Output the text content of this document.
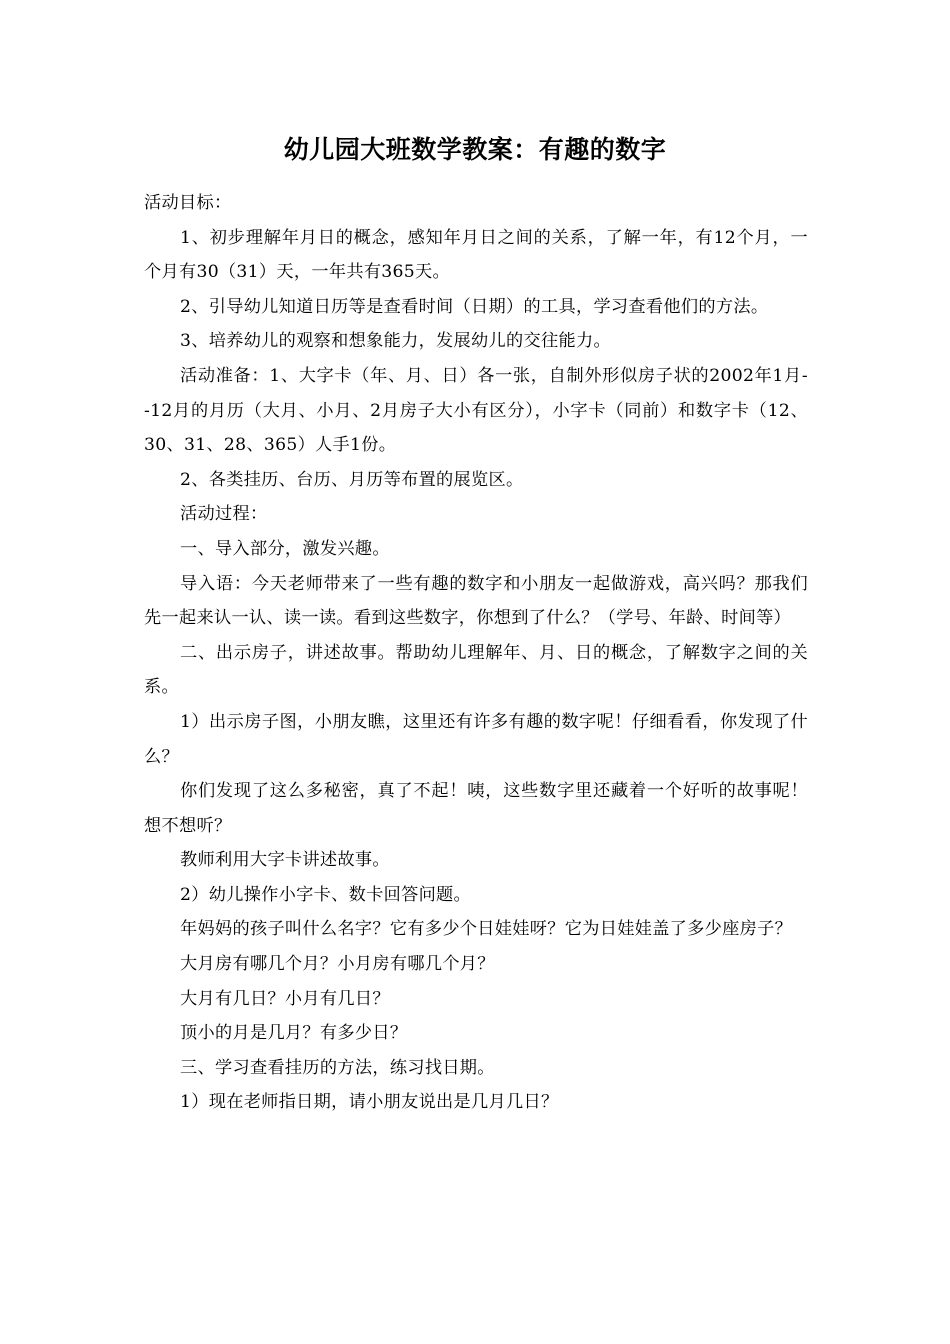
幼儿园大班数学教案：有趣的数字

活动目标：

1、初步理解年月日的概念，感知年月日之间的关系，了解一年，有12个月，一个月有30（31）天，一年共有365天。

2、引导幼儿知道日历等是查看时间（日期）的工具，学习查看他们的方法。

3、培养幼儿的观察和想象能力，发展幼儿的交往能力。

活动准备：1、大字卡（年、月、日）各一张，自制外形似房子状的2002年1月--12月的月历（大月、小月、2月房子大小有区分），小字卡（同前）和数字卡（12、30、31、28、365）人手1份。

2、各类挂历、台历、月历等布置的展览区。

活动过程：

一、导入部分，激发兴趣。

导入语：今天老师带来了一些有趣的数字和小朋友一起做游戏，高兴吗？那我们先一起来认一认、读一读。看到这些数字，你想到了什么？（学号、年龄、时间等）

二、出示房子，讲述故事。帮助幼儿理解年、月、日的概念，了解数字之间的关系。

1）出示房子图，小朋友瞧，这里还有许多有趣的数字呢！仔细看看，你发现了什么？

你们发现了这么多秘密，真了不起！咦，这些数字里还藏着一个好听的故事呢！想不想听？

教师利用大字卡讲述故事。

2）幼儿操作小字卡、数卡回答问题。

年妈妈的孩子叫什么名字？它有多少个日娃娃呀？它为日娃娃盖了多少座房子？

大月房有哪几个月？小月房有哪几个月？

大月有几日？小月有几日？

顶小的月是几月？有多少日？

三、学习查看挂历的方法，练习找日期。

1）现在老师指日期，请小朋友说出是几月几日？
